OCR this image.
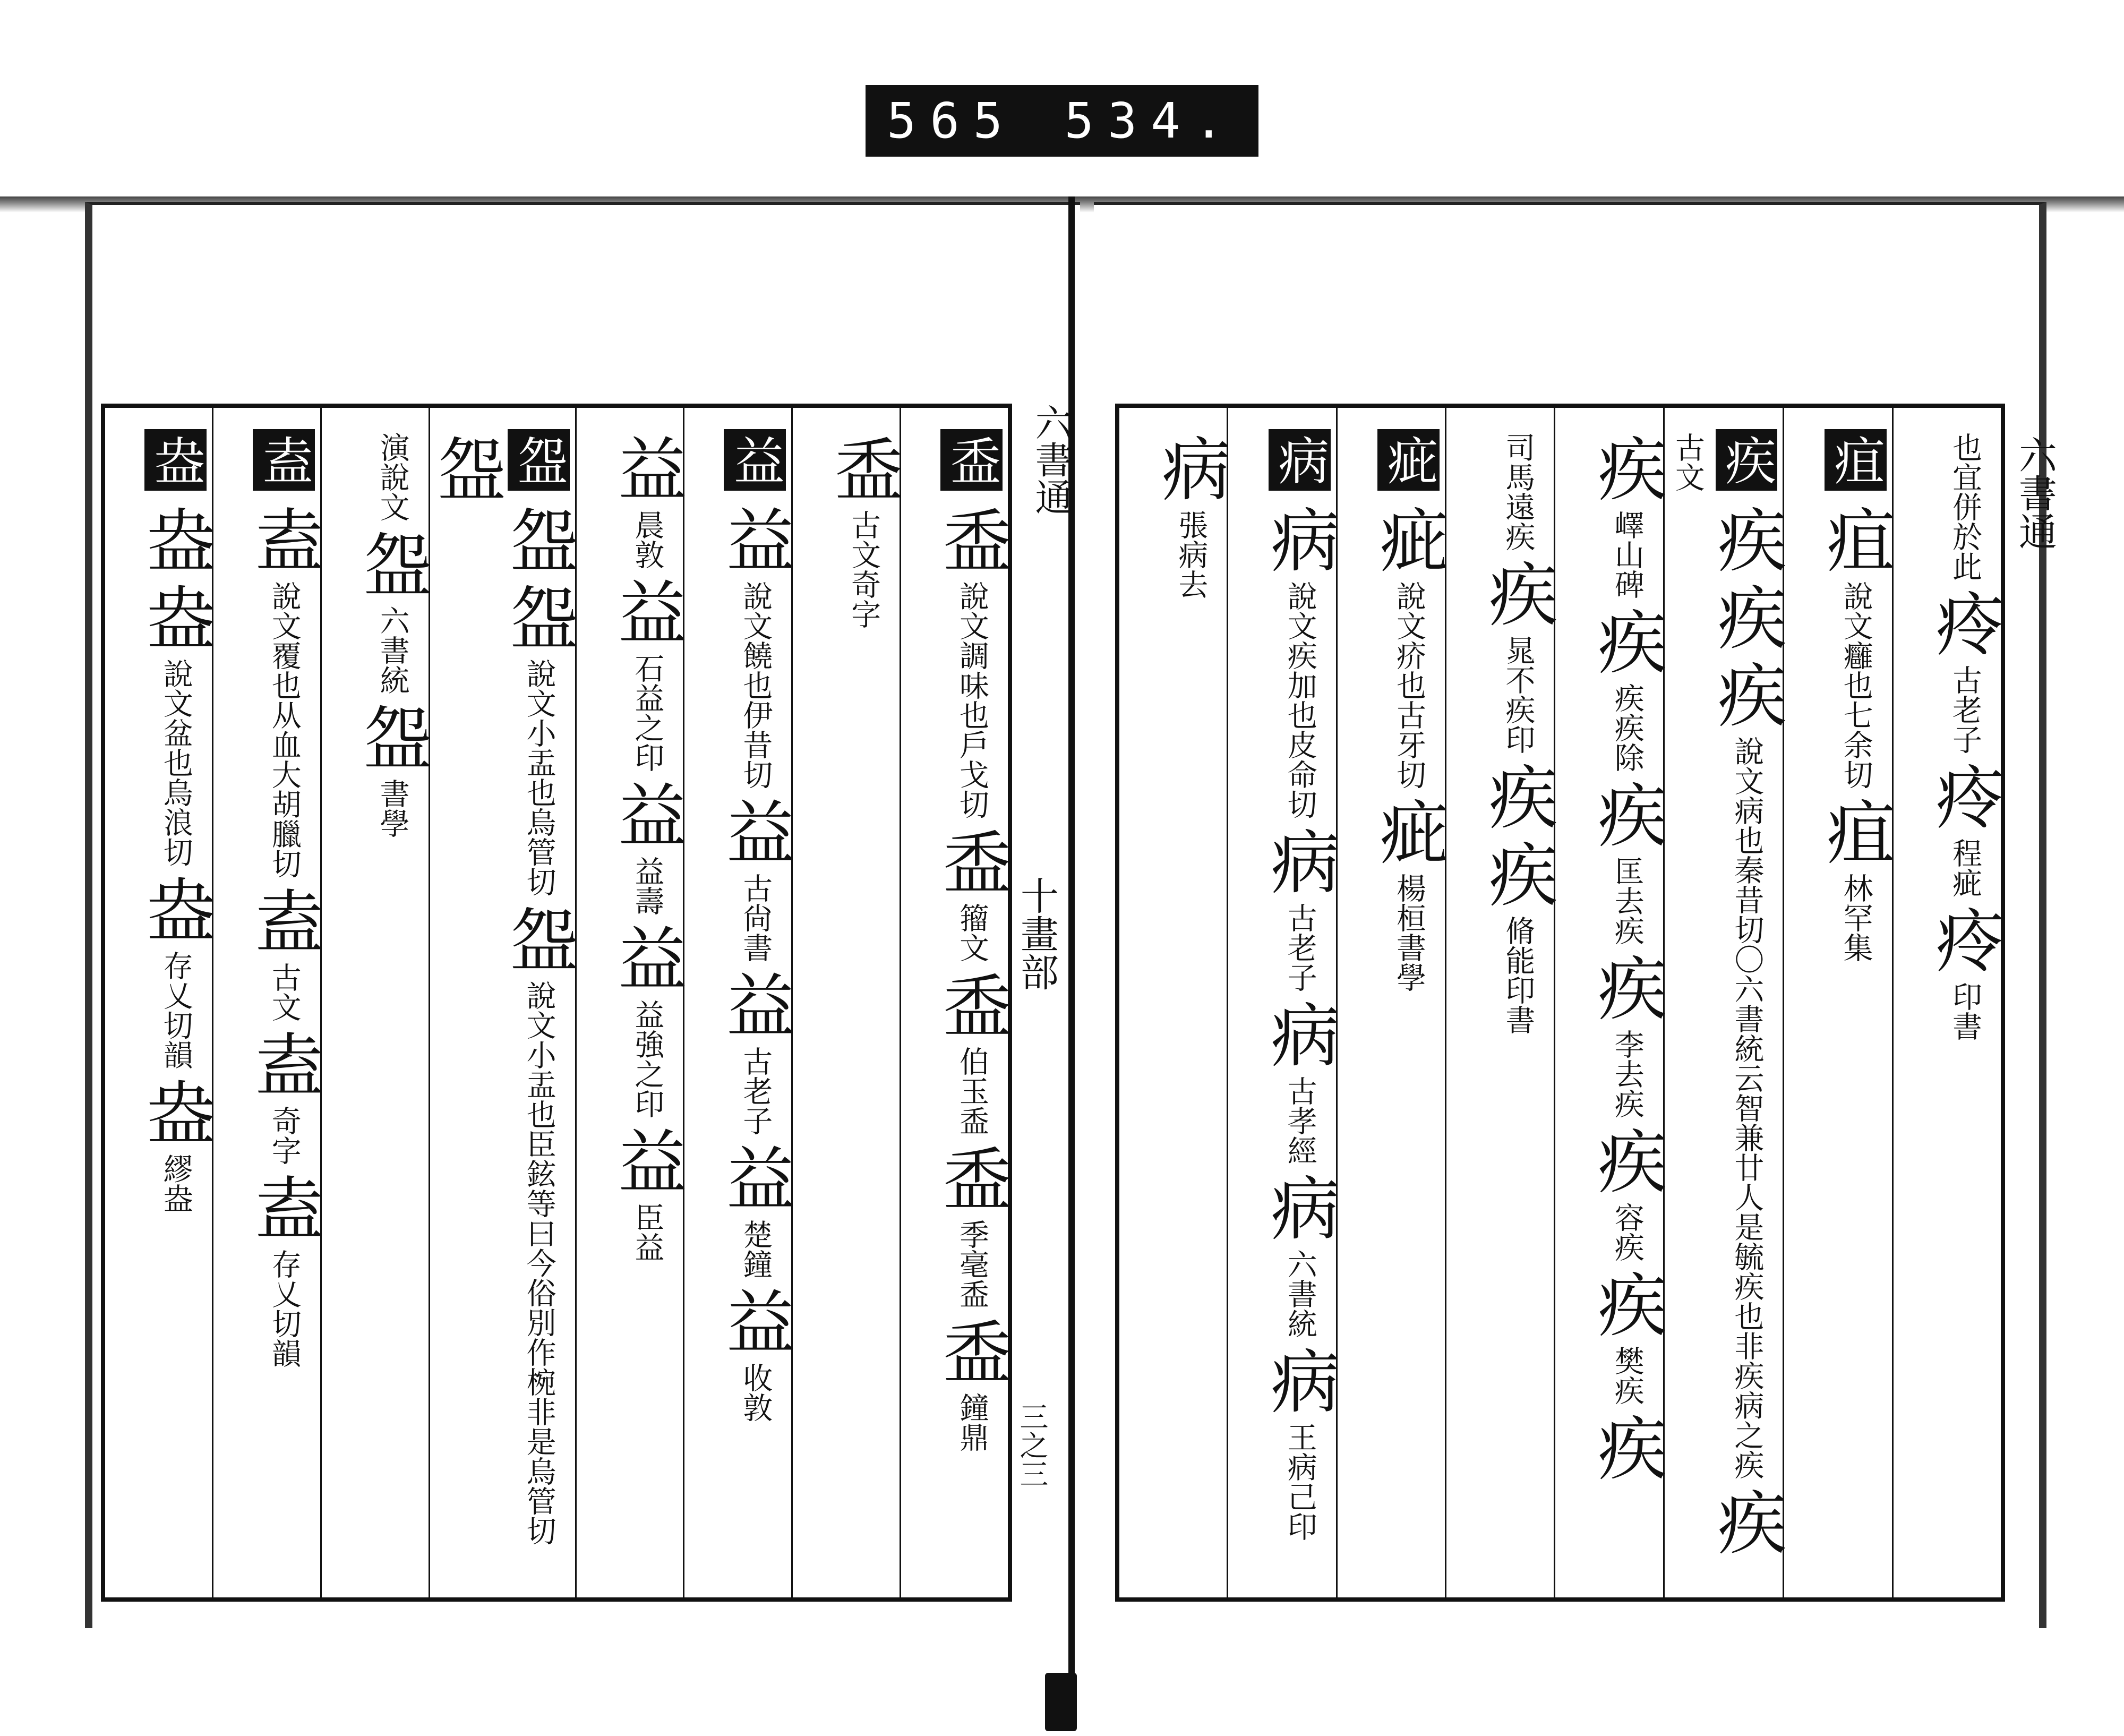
565 534.
六書通
十畫部
三之三
盉盉說文調味也戶戈切盉籀文盉伯玉盉盉季毫盉盉鐘鼎
盉古文奇字
益益說文饒也伊昔切益古尙書益古老子益楚鐘益收敦
益晨敦益石益之印益益壽益益強之印益臣益
盌盌盌說文小盂也烏管切盌說文小盂也臣鉉等曰今俗別作椀非是烏管切盌
演說文盌六書統盌書學
盍盍說文覆也从血大胡臘切盍古文盍奇字盍存乂切韻
盎盎盎說文盆也烏浪切盎存乂切韻盎繆盎
六書通
也宜併於此㾉古老子㾉程疵㾉印書
疽疽說文癰也七余切疽林罕集
疾疾疾疾說文病也秦昔切〇六書統云智兼廿人是毓疾也非疾病之疾疾古文
疾嶧山碑疾疾疾除疾匡去疾疾李去疾疾容疾疾樊疾疾
司馬遠疾疾晁不疾印疾疾脩能印書
疵疵說文疥也古牙切疵楊桓書學
病病說文疾加也皮命切病古老子病古孝經病六書統病王病己印
病張病去
